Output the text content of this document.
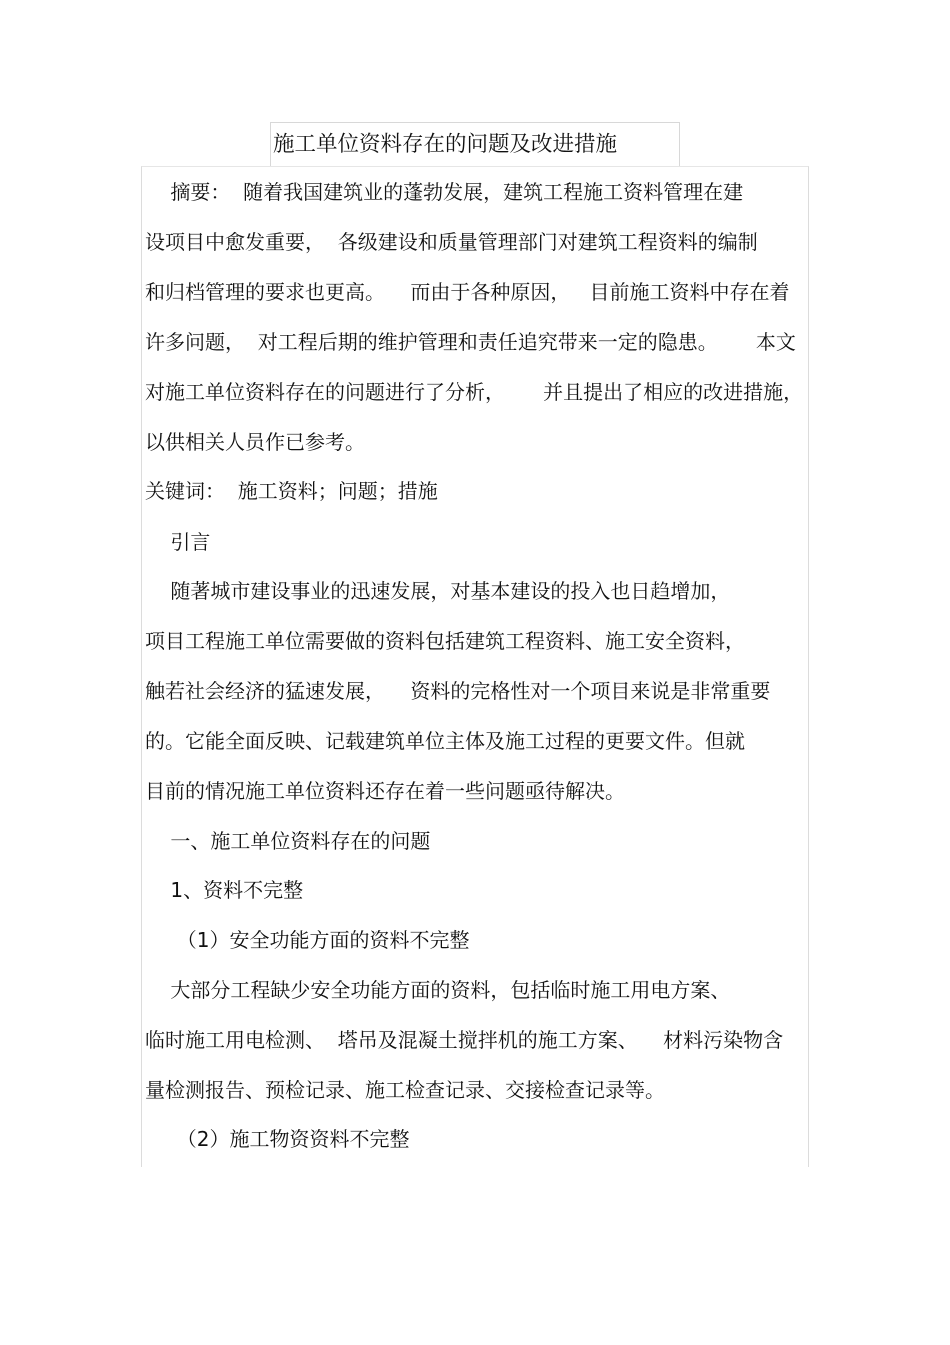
施工单位资料存在的问题及改进措施
摘要：  随着我国建筑业的蓬勃发展，建筑工程施工资料管理在建
设项目中愈发重要，  各级建设和质量管理部门对建筑工程资料的编制
和归档管理的要求也更高。    而由于各种原因，   目前施工资料中存在着
许多问题，  对工程后期的维护管理和责任追究带来一定的隐患。      本文
对施工单位资料存在的问题进行了分析，      并且提出了相应的改进措施，
以供相关人员作已参考。
关键词：  施工资料；问题；措施
引言
随著城市建设事业的迅速发展，对基本建设的投入也日趋增加，
项目工程施工单位需要做的资料包括建筑工程资料、施工安全资料，
触若社会经济的猛速发展，    资料的完格性对一个项目来说是非常重要
的。它能全面反映、记载建筑单位主体及施工过程的更要文件。但就
目前的情况施工单位资料还存在着一些问题亟待解决。
一、施工单位资料存在的问题
1、资料不完整
（1）安全功能方面的资料不完整
大部分工程缺少安全功能方面的资料，包括临时施工用电方案、
临时施工用电检测、  塔吊及混凝土搅拌机的施工方案、    材料污染物含
量检测报告、预检记录、施工检查记录、交接检查记录等。
（2）施工物资资料不完整
